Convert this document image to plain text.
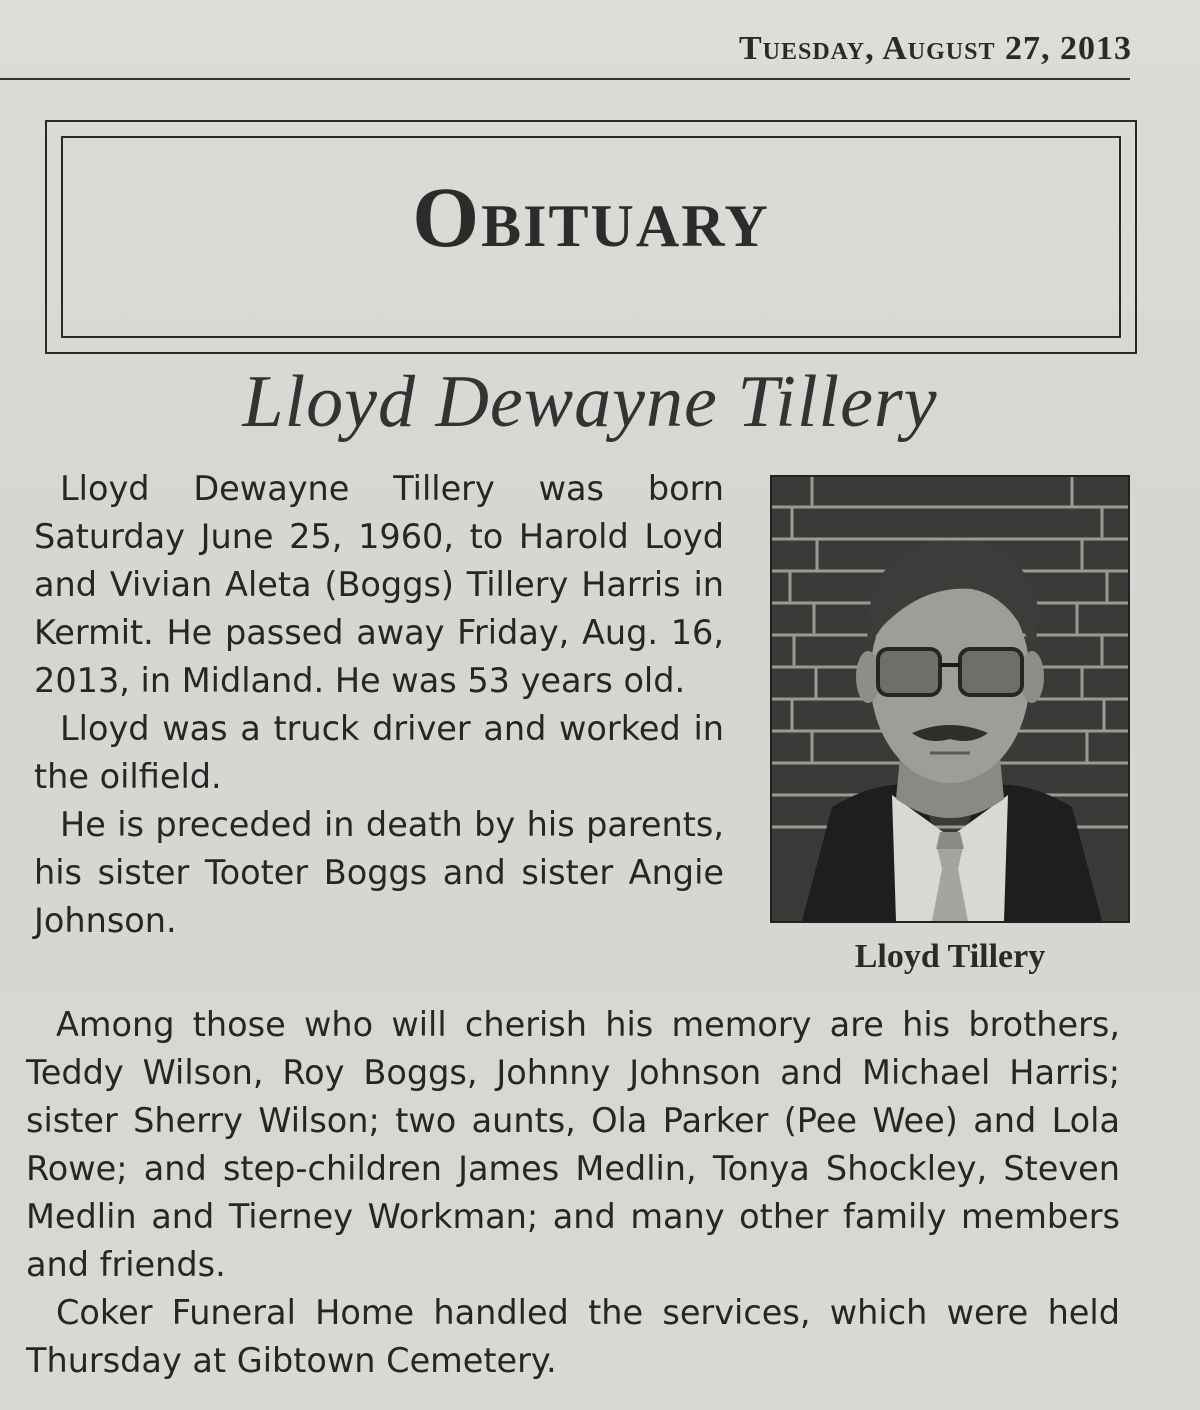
Tuesday, August 27, 2013
Obituary
Lloyd Dewayne Tillery

Lloyd Dewayne Tillery was born Saturday June 25, 1960, to Harold Loyd and Vivian Aleta (Boggs) Tillery Harris in Kermit. He passed away Friday, Aug. 16, 2013, in Midland. He was 53 years old.

Lloyd was a truck driver and worked in the oilfield.

He is preceded in death by his parents, his sister Tooter Boggs and sister Angie Johnson.

Lloyd Tillery

Among those who will cherish his memory are his brothers, Teddy Wilson, Roy Boggs, Johnny Johnson and Michael Harris; sister Sherry Wilson; two aunts, Ola Parker (Pee Wee) and Lola Rowe; and step-children James Medlin, Tonya Shockley, Steven Medlin and Tierney Workman; and many other family members and friends.

Coker Funeral Home handled the services, which were held Thursday at Gibtown Cemetery.
